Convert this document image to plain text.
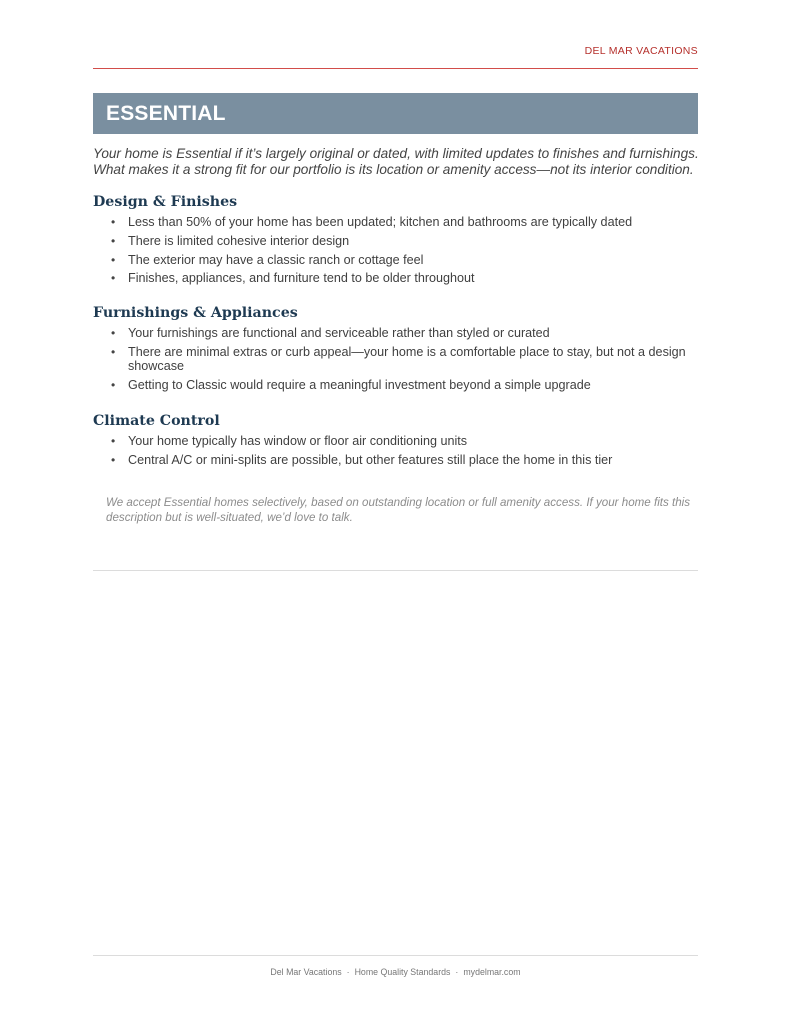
DEL MAR VACATIONS
ESSENTIAL
Your home is Essential if it’s largely original or dated, with limited updates to finishes and furnishings. What makes it a strong fit for our portfolio is its location or amenity access—not its interior condition.
Design & Finishes
• Less than 50% of your home has been updated; kitchen and bathrooms are typically dated
• There is limited cohesive interior design
• The exterior may have a classic ranch or cottage feel
• Finishes, appliances, and furniture tend to be older throughout
Furnishings & Appliances
• Your furnishings are functional and serviceable rather than styled or curated
• There are minimal extras or curb appeal—your home is a comfortable place to stay, but not a design showcase
• Getting to Classic would require a meaningful investment beyond a simple upgrade
Climate Control
• Your home typically has window or floor air conditioning units
• Central A/C or mini-splits are possible, but other features still place the home in this tier
We accept Essential homes selectively, based on outstanding location or full amenity access. If your home fits this description but is well-situated, we’d love to talk.
Del Mar Vacations · Home Quality Standards · mydelmar.com
